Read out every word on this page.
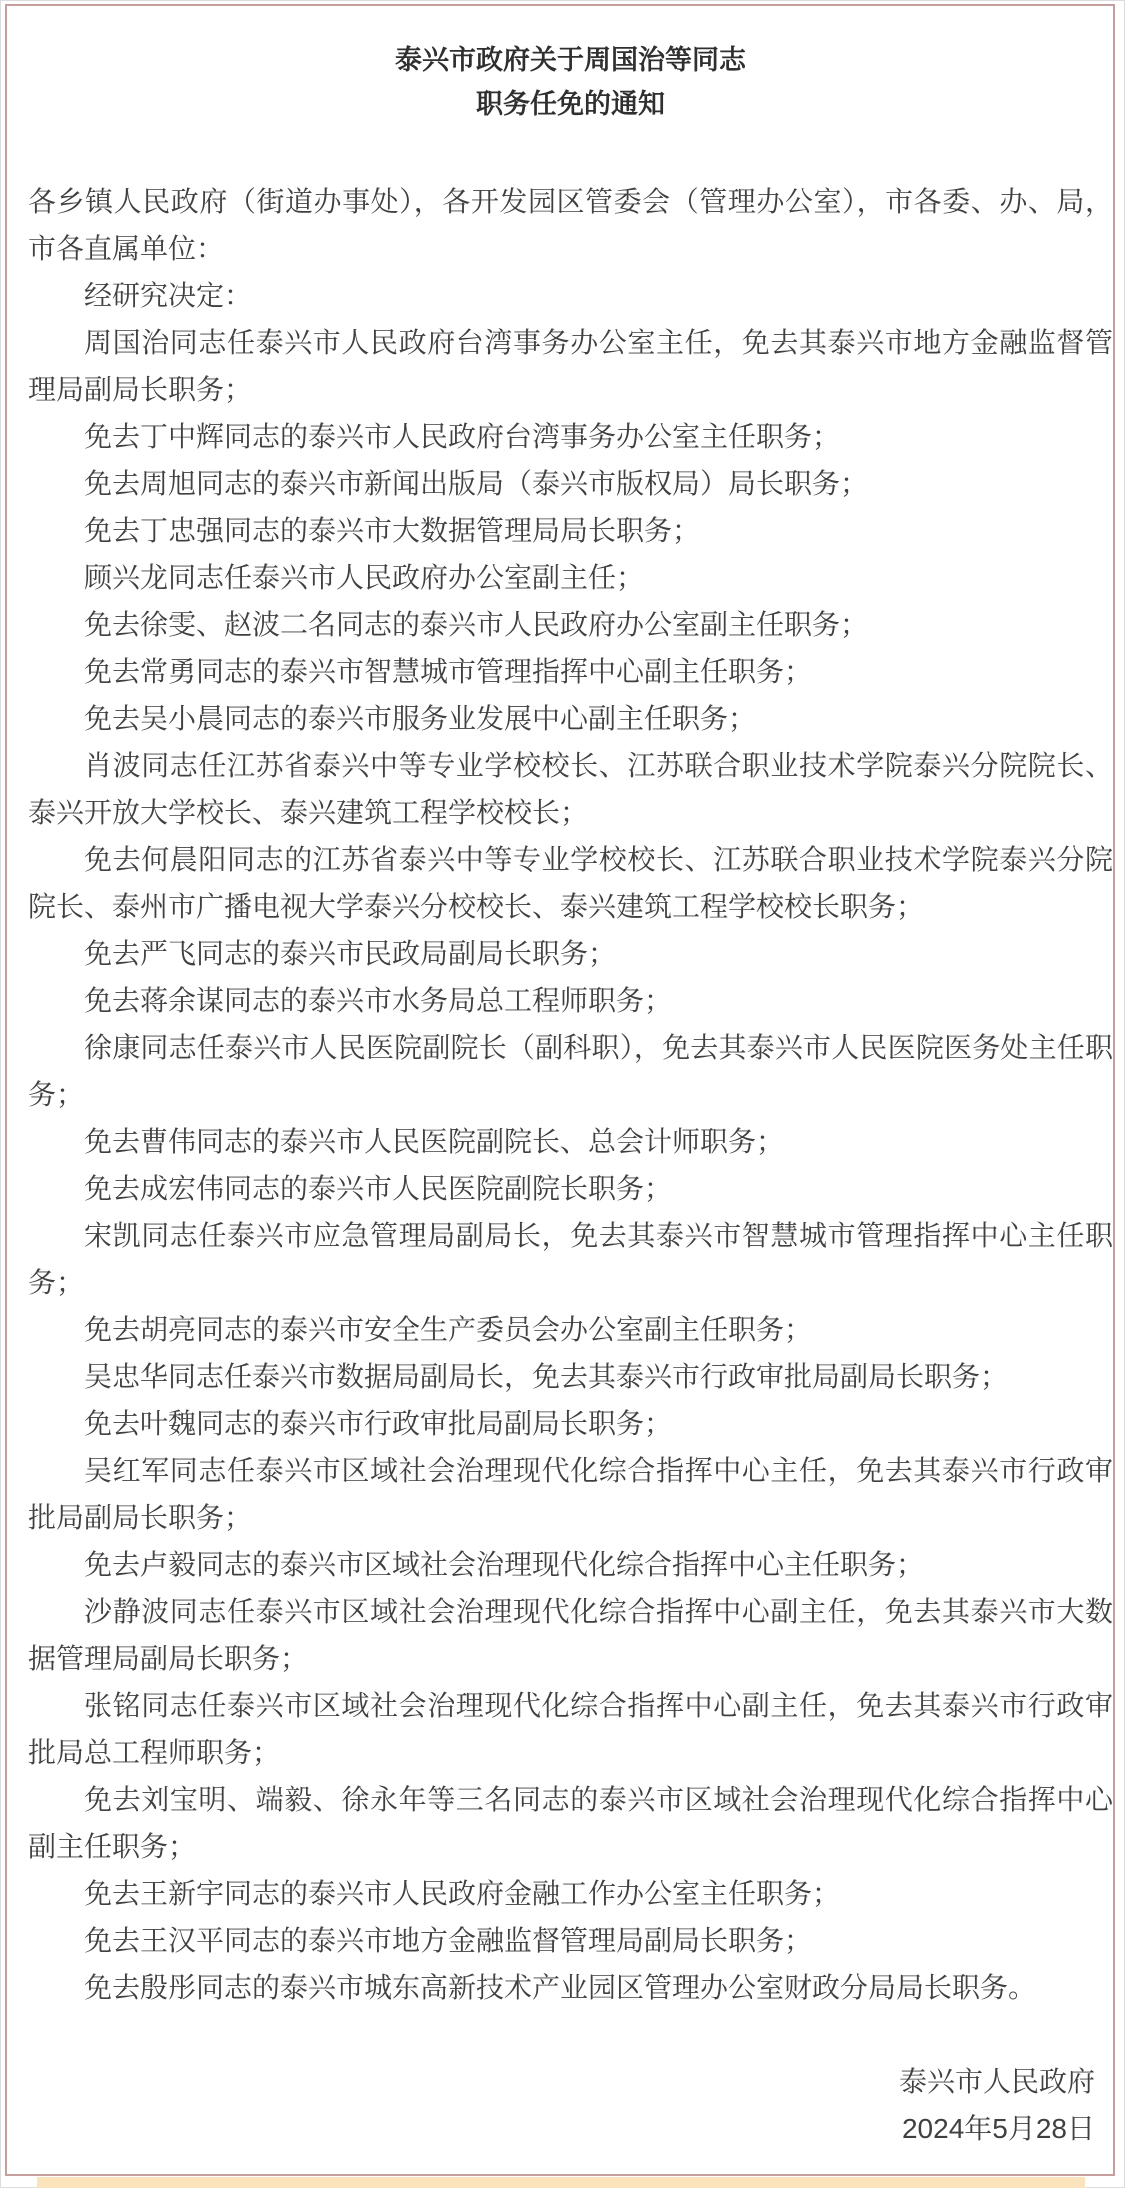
泰兴市政府关于周国治等同志
职务任免的通知

各乡镇人民政府（街道办事处），各开发园区管委会（管理办公室），市各委、办、局，市各直属单位：

经研究决定：

周国治同志任泰兴市人民政府台湾事务办公室主任，免去其泰兴市地方金融监督管理局副局长职务；

免去丁中辉同志的泰兴市人民政府台湾事务办公室主任职务；

免去周旭同志的泰兴市新闻出版局（泰兴市版权局）局长职务；

免去丁忠强同志的泰兴市大数据管理局局长职务；

顾兴龙同志任泰兴市人民政府办公室副主任；

免去徐雯、赵波二名同志的泰兴市人民政府办公室副主任职务；

免去常勇同志的泰兴市智慧城市管理指挥中心副主任职务；

免去吴小晨同志的泰兴市服务业发展中心副主任职务；

肖波同志任江苏省泰兴中等专业学校校长、江苏联合职业技术学院泰兴分院院长、泰兴开放大学校长、泰兴建筑工程学校校长；

免去何晨阳同志的江苏省泰兴中等专业学校校长、江苏联合职业技术学院泰兴分院院长、泰州市广播电视大学泰兴分校校长、泰兴建筑工程学校校长职务；

免去严飞同志的泰兴市民政局副局长职务；

免去蒋余谋同志的泰兴市水务局总工程师职务；

徐康同志任泰兴市人民医院副院长（副科职），免去其泰兴市人民医院医务处主任职务；

免去曹伟同志的泰兴市人民医院副院长、总会计师职务；

免去成宏伟同志的泰兴市人民医院副院长职务；

宋凯同志任泰兴市应急管理局副局长，免去其泰兴市智慧城市管理指挥中心主任职务；

免去胡亮同志的泰兴市安全生产委员会办公室副主任职务；

吴忠华同志任泰兴市数据局副局长，免去其泰兴市行政审批局副局长职务；

免去叶魏同志的泰兴市行政审批局副局长职务；

吴红军同志任泰兴市区域社会治理现代化综合指挥中心主任，免去其泰兴市行政审批局副局长职务；

免去卢毅同志的泰兴市区域社会治理现代化综合指挥中心主任职务；

沙静波同志任泰兴市区域社会治理现代化综合指挥中心副主任，免去其泰兴市大数据管理局副局长职务；

张铭同志任泰兴市区域社会治理现代化综合指挥中心副主任，免去其泰兴市行政审批局总工程师职务；

免去刘宝明、端毅、徐永年等三名同志的泰兴市区域社会治理现代化综合指挥中心副主任职务；

免去王新宇同志的泰兴市人民政府金融工作办公室主任职务；

免去王汉平同志的泰兴市地方金融监督管理局副局长职务；

免去殷彤同志的泰兴市城东高新技术产业园区管理办公室财政分局局长职务。

泰兴市人民政府

2024年5月28日
